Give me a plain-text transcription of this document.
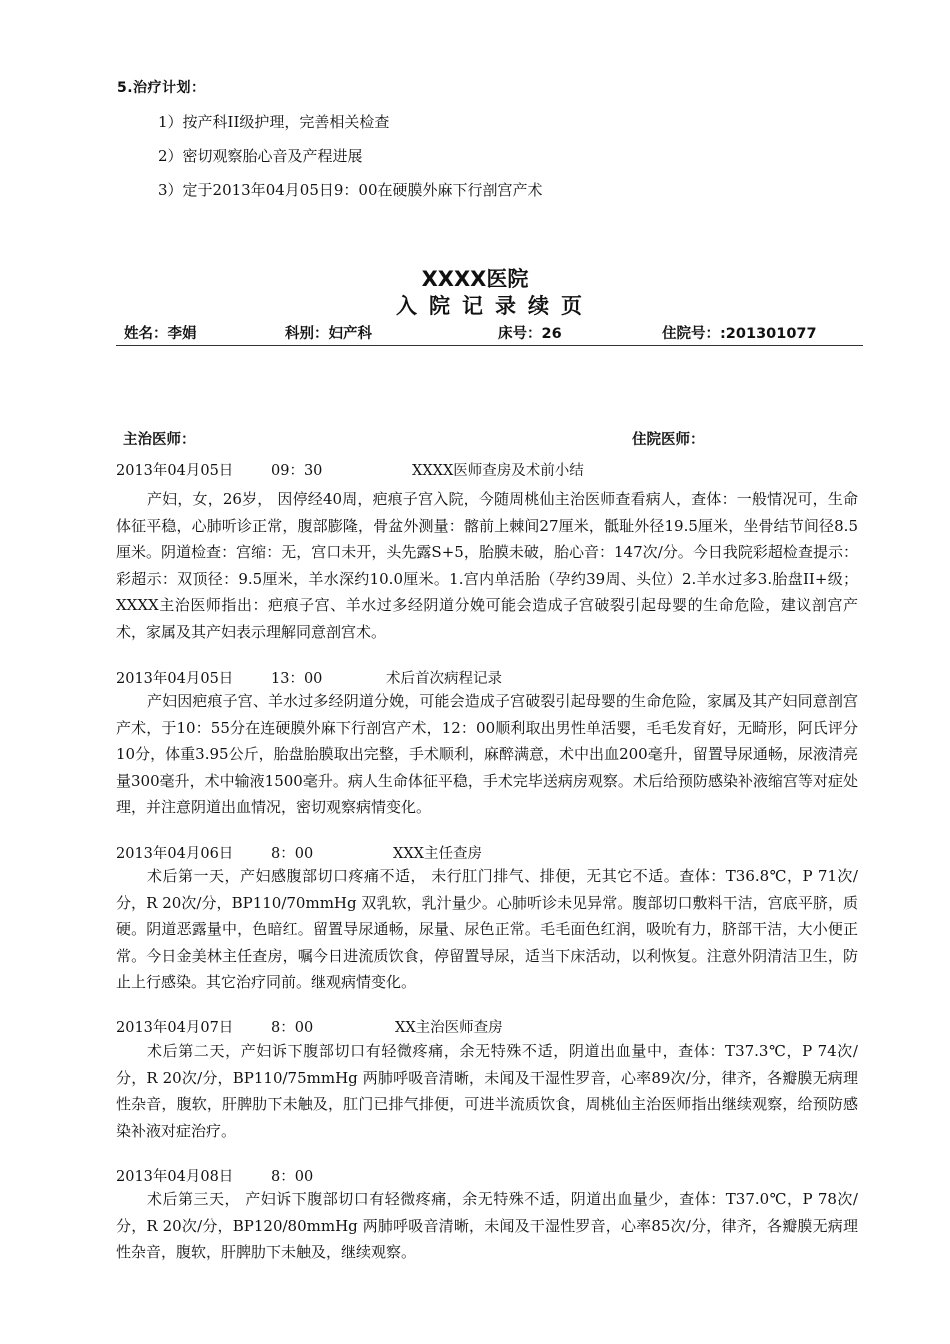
5.治疗计划：
1）按产科II级护理，完善相关检查
2）密切观察胎心音及产程进展
3）定于2013年04月05日9：00在硬膜外麻下行剖宫产术
XXXX医院
入院记录续页
姓名：李娟	科别：妇产科	床号：26	住院号：:201301077
主治医师：	住院医师：
2013年04月05日	09：30	XXXX医师查房及术前小结

产妇，女，26岁， 因停经40周，疤痕子宫入院，今随周桃仙主治医师查看病人，查体：一般情况可，生命体征平稳，心肺听诊正常，腹部膨隆，骨盆外测量：髂前上棘间27厘米，骶耻外径19.5厘米，坐骨结节间径8.5厘米。阴道检查：宫缩：无，宫口未开，头先露S+5，胎膜未破，胎心音：147次/分。今日我院彩超检查提示：彩超示：双顶径：9.5厘米，羊水深约10.0厘米。1.宫内单活胎（孕约39周、头位）2.羊水过多3.胎盘II+级；XXXX主治医师指出：疤痕子宫、羊水过多经阴道分娩可能会造成子宫破裂引起母婴的生命危险，建议剖宫产术，家属及其产妇表示理解同意剖宫术。

2013年04月05日	13：00	术后首次病程记录

产妇因疤痕子宫、羊水过多经阴道分娩，可能会造成子宫破裂引起母婴的生命危险，家属及其产妇同意剖宫产术，于10：55分在连硬膜外麻下行剖宫产术，12：00顺利取出男性单活婴，毛毛发育好，无畸形，阿氏评分10分，体重3.95公斤，胎盘胎膜取出完整，手术顺利，麻醉满意，术中出血200毫升，留置导尿通畅，尿液清亮量300毫升，术中输液1500毫升。病人生命体征平稳，手术完毕送病房观察。术后给预防感染补液缩宫等对症处理，并注意阴道出血情况，密切观察病情变化。

2013年04月06日	8：00	XXX主任查房

术后第一天，产妇感腹部切口疼痛不适， 未行肛门排气、排便，无其它不适。查体：T36.8℃，P 71次/分，R 20次/分，BP110/70mmHg 双乳软，乳汁量少。心肺听诊未见异常。腹部切口敷料干洁，宫底平脐，质硬。阴道恶露量中，色暗红。留置导尿通畅，尿量、尿色正常。毛毛面色红润，吸吮有力，脐部干洁，大小便正常。今日金美林主任查房，嘱今日进流质饮食，停留置导尿，适当下床活动，以利恢复。注意外阴清洁卫生，防止上行感染。其它治疗同前。继观病情变化。

2013年04月07日	8：00	XX主治医师查房

术后第二天，产妇诉下腹部切口有轻微疼痛，余无特殊不适，阴道出血量中，查体：T37.3℃，P 74次/分，R 20次/分，BP110/75mmHg 两肺呼吸音清晰，未闻及干湿性罗音，心率89次/分，律齐，各瓣膜无病理性杂音，腹软，肝脾肋下未触及，肛门已排气排便，可进半流质饮食，周桃仙主治医师指出继续观察，给预防感染补液对症治疗。

2013年04月08日	8：00

术后第三天， 产妇诉下腹部切口有轻微疼痛，余无特殊不适，阴道出血量少，查体：T37.0℃，P 78次/分，R 20次/分，BP120/80mmHg 两肺呼吸音清晰，未闻及干湿性罗音，心率85次/分，律齐，各瓣膜无病理性杂音，腹软，肝脾肋下未触及，继续观察。
